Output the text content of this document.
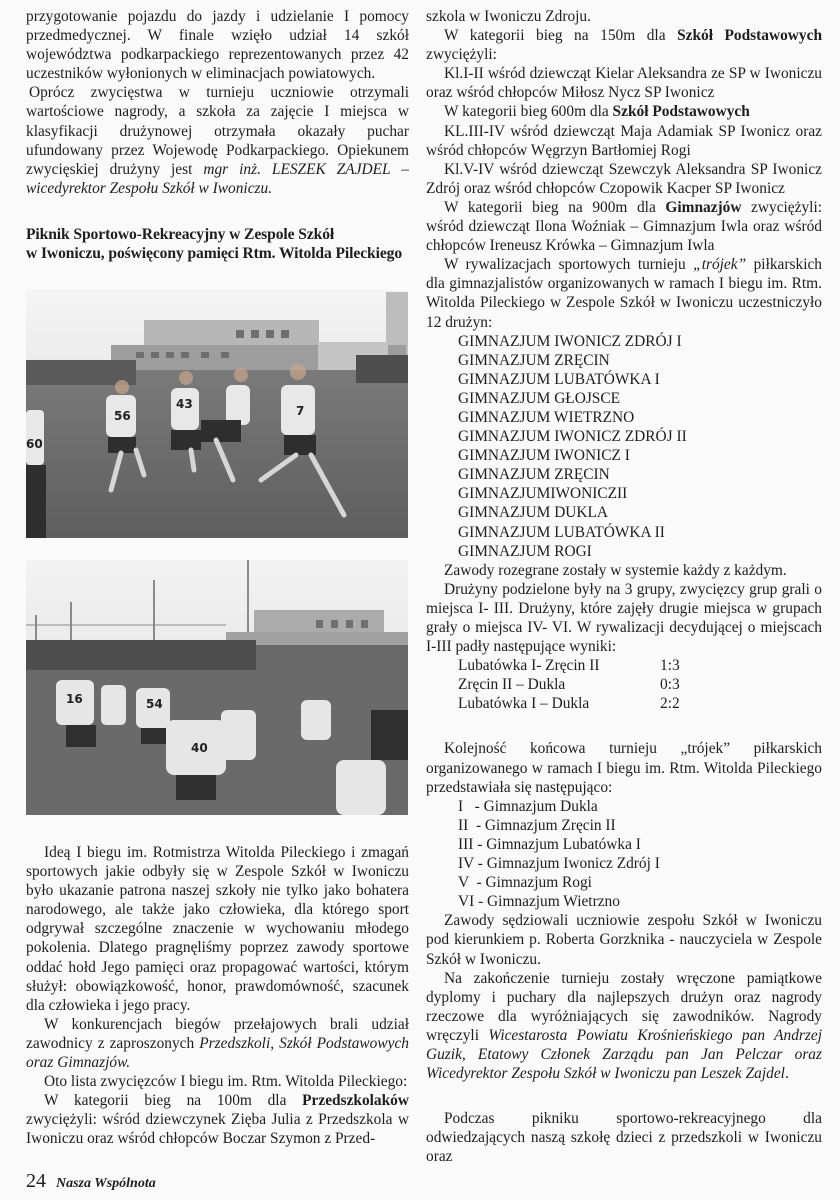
przygotowanie pojazdu do jazdy i udzielanie I pomocy przedmedycznej. W finale wzięło udział 14 szkół województwa podkarpackiego reprezentowanych przez 42 uczestników wyłonionych w eliminacjach powiatowych.

Oprócz zwycięstwa w turnieju uczniowie otrzymali wartościowe nagrody, a szkoła za zajęcie I miejsca w klasyfikacji drużynowej otrzymała okazały puchar ufundowany przez Wojewodę Podkarpackiego. Opiekunem zwycięskiej drużyny jest mgr inż. LESZEK ZAJDEL – wicedyrektor Zespołu Szkół w Iwoniczu.

Piknik Sportowo-Rekreacyjny w Zespole Szkół

w Iwoniczu, poświęcony pamięci Rtm. Witolda Pileckiego

56
43	7
60
16	54
40

Ideą I biegu im. Rotmistrza Witolda Pileckiego i zmagań sportowych jakie odbyły się w Zespole Szkół w Iwoniczu było ukazanie patrona naszej szkoły nie tylko jako bohatera narodowego, ale także jako człowieka, dla którego sport odgrywał szczególne znaczenie w wychowaniu młodego pokolenia. Dlatego pragnęliśmy poprzez zawody sportowe oddać hołd Jego pamięci oraz propagować wartości, którym służył: obowiązkowość, honor, prawdomówność, szacunek dla człowieka i jego pracy.

W konkurencjach biegów przełajowych brali udział zawodnicy z zaproszonych Przedszkoli, Szkół Podstawowych oraz Gimnazjów.

Oto lista zwycięzców I biegu im. Rtm. Witolda Pileckiego:

W kategorii bieg na 100m dla Przedszkolaków zwyciężyli: wśród dziewczynek Zięba Julia z Przedszkola w Iwoniczu oraz wśród chłopców Boczar Szymon z Przed-

szkola w Iwoniczu Zdroju.

W kategorii bieg na 150m dla Szkół Podstawowych zwyciężyli:

Kl.I-II wśród dziewcząt Kielar Aleksandra ze SP w Iwoniczu oraz wśród chłopców Miłosz Nycz SP Iwonicz

W kategorii bieg 600m dla Szkół Podstawowych

KL.III-IV wśród dziewcząt Maja Adamiak SP Iwonicz oraz wśród chłopców Węgrzyn Bartłomiej Rogi

Kl.V-IV wśród dziewcząt Szewczyk Aleksandra SP Iwonicz Zdrój oraz wśród chłopców Czopowik Kacper SP Iwonicz

W kategorii bieg na 900m dla Gimnazjów zwyciężyli: wśród dziewcząt Ilona Woźniak – Gimnazjum Iwla oraz wśród chłopców Ireneusz Krówka – Gimnazjum Iwla

W rywalizacjach sportowych turnieju „trójek” piłkarskich dla gimnazjalistów organizowanych w ramach I biegu im. Rtm. Witolda Pileckiego w Zespole Szkół w Iwoniczu uczestniczyło 12 drużyn:

GIMNAZJUM IWONICZ ZDRÓJ I
GIMNAZJUM ZRĘCIN
GIMNAZJUM LUBATÓWKA I
GIMNAZJUM GŁOJSCE
GIMNAZJUM WIETRZNO
GIMNAZJUM IWONICZ ZDRÓJ II
GIMNAZJUM IWONICZ I
GIMNAZJUM ZRĘCIN
GIMNAZJUMIWONICZII
GIMNAZJUM DUKLA
GIMNAZJUM LUBATÓWKA II
GIMNAZJUM ROGI

Zawody rozegrane zostały w systemie każdy z każdym.

Drużyny podzielone były na 3 grupy, zwycięzcy grup grali o miejsca I- III. Drużyny, które zajęły drugie miejsca w grupach grały o miejsca IV- VI. W rywalizacji decydującej o miejscach I-III padły następujące wyniki:

Lubatówka I- Zręcin II	1:3
Zręcin II – Dukla	0:3
Lubatówka I – Dukla	2:2

Kolejność końcowa turnieju „trójek” piłkarskich organizowanego w ramach I biegu im. Rtm. Witolda Pileckiego przedstawiała się następująco:

I   - Gimnazjum Dukla
II  - Gimnazjum Zręcin II
III - Gimnazjum Lubatówka I
IV - Gimnazjum Iwonicz Zdrój I
V  - Gimnazjum Rogi
VI - Gimnazjum Wietrzno

Zawody sędziowali uczniowie zespołu Szkół w Iwoniczu pod kierunkiem p. Roberta Gorzknika - nauczyciela w Zespole Szkół w Iwoniczu.

Na zakończenie turnieju zostały wręczone pamiątkowe dyplomy i puchary dla najlepszych drużyn oraz nagrody rzeczowe dla wyróżniających się zawodników. Nagrody wręczyli Wicestarosta Powiatu Krośnieńskiego pan Andrzej Guzik, Etatowy Członek Zarządu pan Jan Pelczar oraz Wicedyrektor Zespołu Szkół w Iwoniczu pan Leszek Zajdel.

Podczas pikniku sportowo-rekreacyjnego dla odwiedzających naszą szkołę dzieci z przedszkoli w Iwoniczu oraz

24 Nasza Wspólnota
